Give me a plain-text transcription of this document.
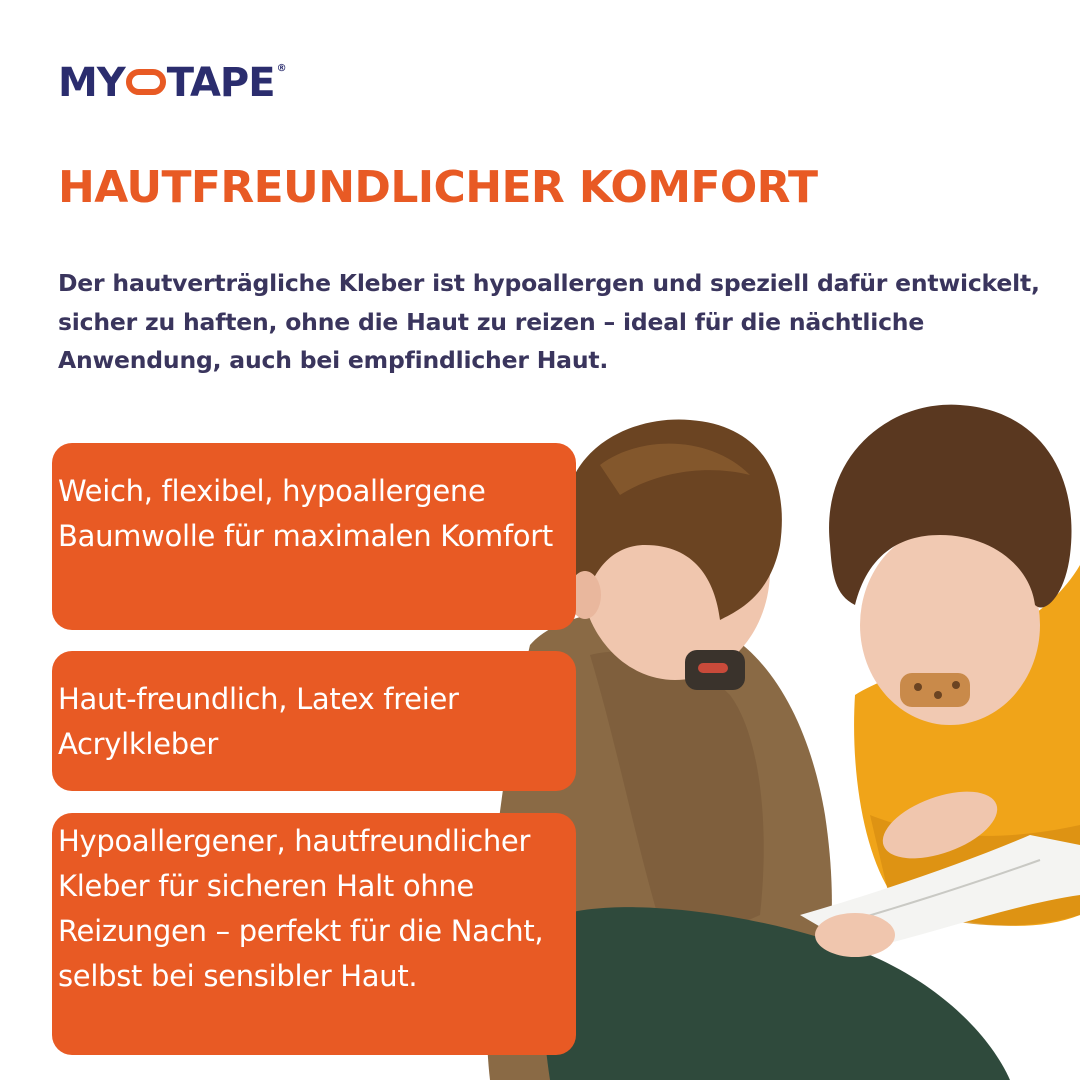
MY TAPE ®
HAUTFREUNDLICHER KOMFORT
Der hautverträgliche Kleber ist hypoallergen und speziell dafür entwickelt, sicher zu haften, ohne die Haut zu reizen – ideal für die nächtliche Anwendung, auch bei empfindlicher Haut.
Weich, flexibel, hypoallergene Baumwolle für maximalen Komfort
Haut-freundlich, Latex freier Acrylkleber
Hypoallergener, hautfreundlicher Kleber für sicheren Halt ohne Reizungen – perfekt für die Nacht, selbst bei sensibler Haut.
